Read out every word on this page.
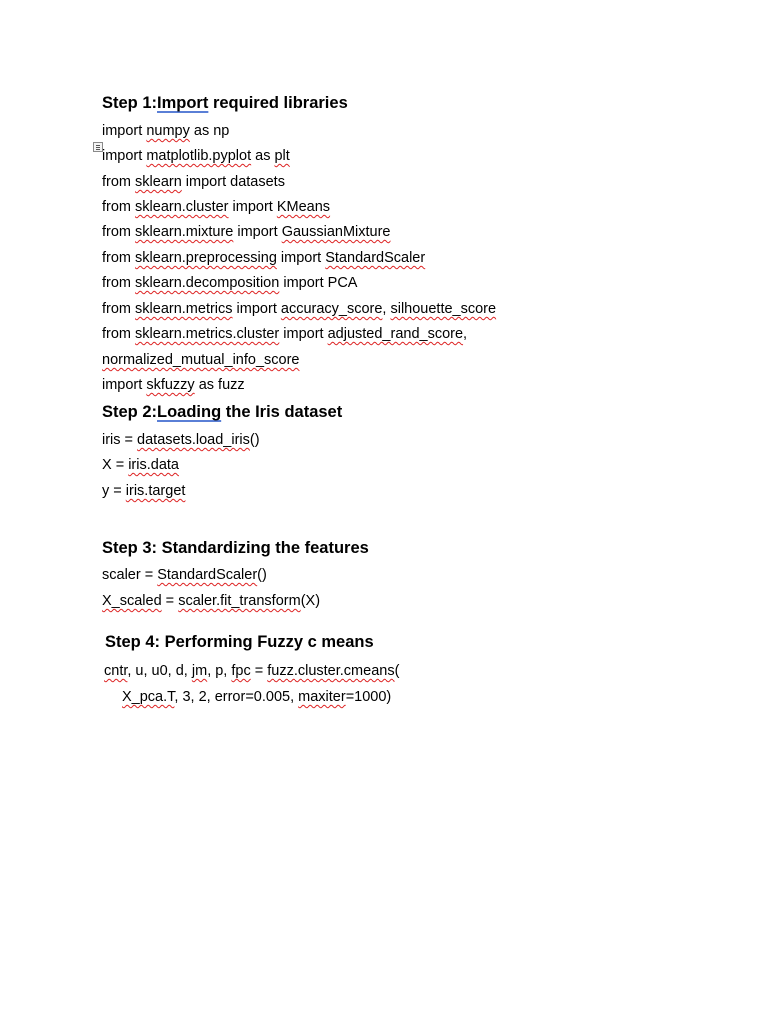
Step 1:Import required libraries
import numpy as np
import matplotlib.pyplot as plt
from sklearn import datasets
from sklearn.cluster import KMeans
from sklearn.mixture import GaussianMixture
from sklearn.preprocessing import StandardScaler
from sklearn.decomposition import PCA
from sklearn.metrics import accuracy_score, silhouette_score
from sklearn.metrics.cluster import adjusted_rand_score,
normalized_mutual_info_score
import skfuzzy as fuzz
Step 2:Loading the Iris dataset
iris = datasets.load_iris()
X = iris.data
y = iris.target
Step 3: Standardizing the features
scaler = StandardScaler()
X_scaled = scaler.fit_transform(X)
Step 4: Performing Fuzzy c means
cntr, u, u0, d, jm, p, fpc = fuzz.cluster.cmeans(
X_pca.T, 3, 2, error=0.005, maxiter=1000)
